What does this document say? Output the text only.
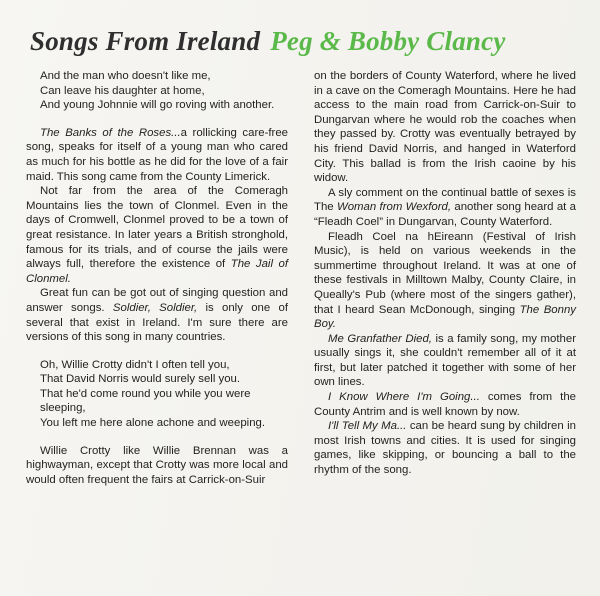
Songs From Ireland Peg & Bobby Clancy

And the man who doesn't like me,

Can leave his daughter at home,

And young Johnnie will go roving with another.

The Banks of the Roses...a rollicking care-free song, speaks for itself of a young man who cared as much for his bottle as he did for the love of a fair maid. This song came from the County Limerick.

Not far from the area of the Comeragh Mountains lies the town of Clonmel. Even in the days of Cromwell, Clonmel proved to be a town of great resistance. In later years a British stronghold, famous for its trials, and of course the jails were always full, therefore the existence of The Jail of Clonmel.

Great fun can be got out of singing question and answer songs. Soldier, Soldier, is only one of several that exist in Ireland. I'm sure there are versions of this song in many countries.

Oh, Willie Crotty didn't I often tell you,

That David Norris would surely sell you.

That he'd come round you while you were sleeping,

You left me here alone achone and weeping.

Willie Crotty like Willie Brennan was a highwayman, except that Crotty was more local and would often frequent the fairs at Carrick-on-Suir

on the borders of County Waterford, where he lived in a cave on the Comeragh Mountains. Here he had access to the main road from Carrick-on-Suir to Dungarvan where he would rob the coaches when they passed by. Crotty was eventually betrayed by his friend David Norris, and hanged in Waterford City. This ballad is from the Irish caoine by his widow.

A sly comment on the continual battle of sexes is The Woman from Wexford, another song heard at a “Fleadh Coel” in Dungarvan, County Waterford.

Fleadh Coel na hEireann (Festival of Irish Music), is held on various weekends in the summertime throughout Ireland. It was at one of these festivals in Milltown Malby, County Claire, in Queally's Pub (where most of the singers gather), that I heard Sean McDonough, singing The Bonny Boy.

Me Granfather Died, is a family song, my mother usually sings it, she couldn't remember all of it at first, but later patched it together with some of her own lines.

I Know Where I'm Going... comes from the County Antrim and is well known by now.

I'll Tell My Ma... can be heard sung by children in most Irish towns and cities. It is used for singing games, like skipping, or bouncing a ball to the rhythm of the song.
